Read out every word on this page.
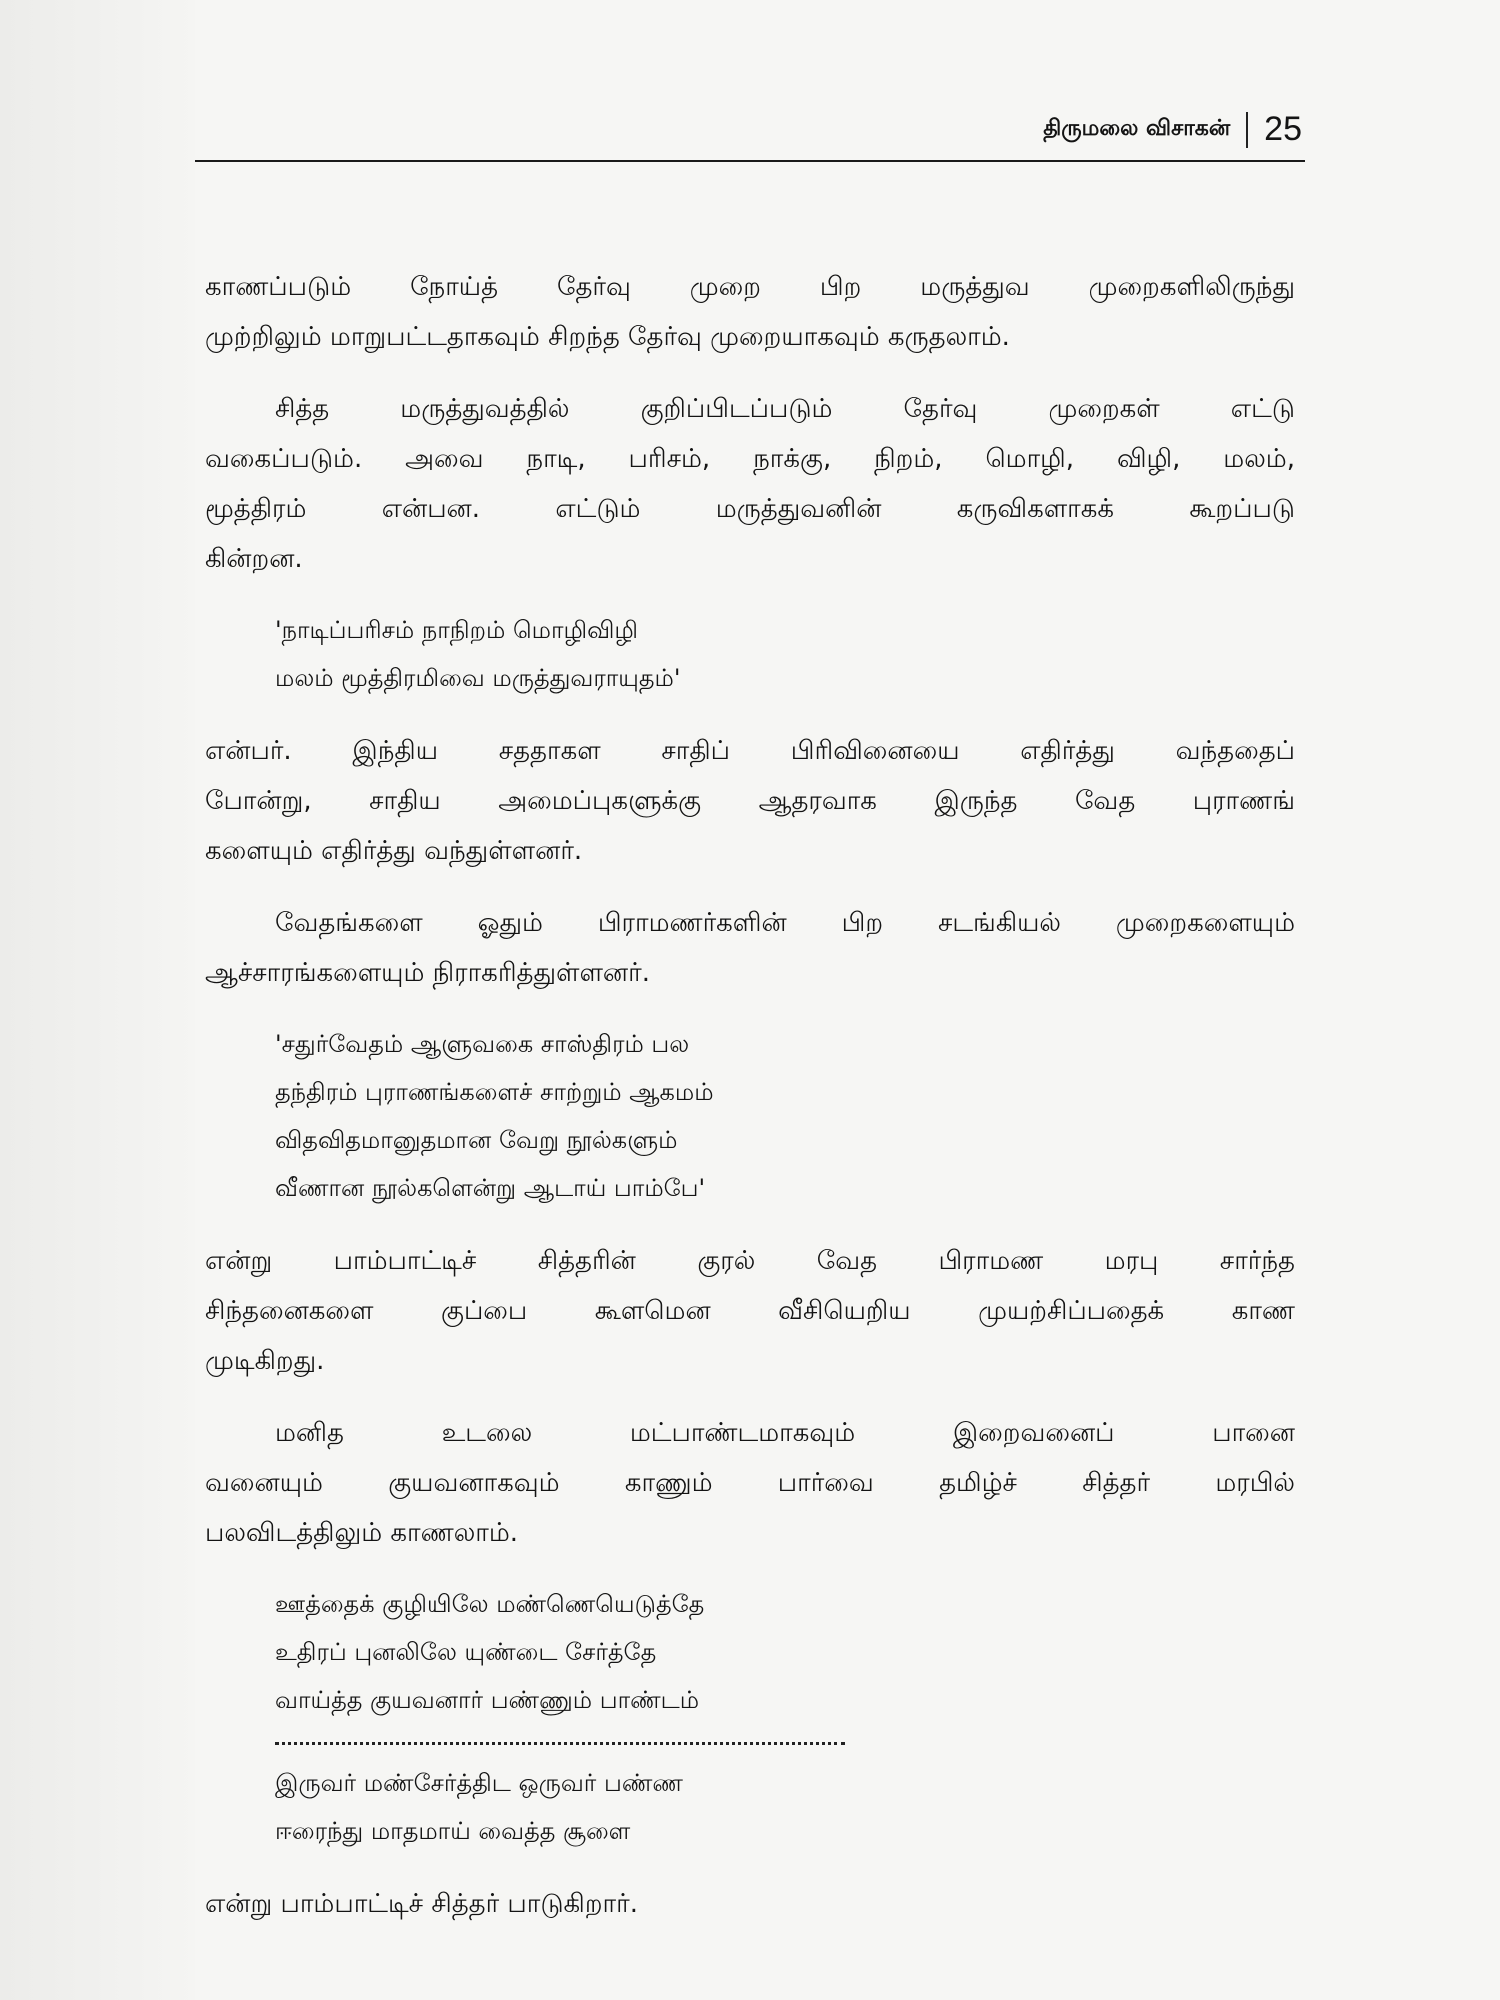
திருமலை விசாகன் 25
காணப்படும் நோய்த் தேர்வு முறை பிற மருத்துவ முறைகளிலிருந்து
முற்றிலும் மாறுபட்டதாகவும் சிறந்த தேர்வு முறையாகவும் கருதலாம்.
சித்த மருத்துவத்தில் குறிப்பிடப்படும் தேர்வு முறைகள் எட்டு
வகைப்படும். அவை நாடி, பரிசம், நாக்கு, நிறம், மொழி, விழி, மலம்,
மூத்திரம் என்பன. எட்டும் மருத்துவனின் கருவிகளாகக் கூறப்படு
கின்றன.
'நாடிப்பரிசம் நாநிறம் மொழிவிழி
மலம் மூத்திரமிவை மருத்துவராயுதம்'
என்பர். இந்திய சததாகள சாதிப் பிரிவினையை எதிர்த்து வந்ததைப்
போன்று, சாதிய அமைப்புகளுக்கு ஆதரவாக இருந்த வேத புராணங்
களையும் எதிர்த்து வந்துள்ளனர்.
வேதங்களை ஓதும் பிராமணர்களின் பிற சடங்கியல் முறைகளையும்
ஆச்சாரங்களையும் நிராகரித்துள்ளனர்.
'சதுர்வேதம் ஆளுவகை சாஸ்திரம் பல
தந்திரம் புராணங்களைச் சாற்றும் ஆகமம்
விதவிதமானுதமான வேறு நூல்களும்
வீணான நூல்களென்று ஆடாய் பாம்பே'
என்று பாம்பாட்டிச் சித்தரின் குரல் வேத பிராமண மரபு சார்ந்த
சிந்தனைகளை குப்பை கூளமென வீசியெறிய முயற்சிப்பதைக் காண
முடிகிறது.
மனித உடலை மட்பாண்டமாகவும் இறைவனைப் பானை
வனையும் குயவனாகவும் காணும் பார்வை தமிழ்ச் சித்தர் மரபில்
பலவிடத்திலும் காணலாம்.
ஊத்தைக் குழியிலே மண்ணெயெடுத்தே
உதிரப் புனலிலே யுண்டை சேர்த்தே
வாய்த்த குயவனார் பண்ணும் பாண்டம்
இருவர் மண்சேர்த்திட ஒருவர் பண்ண
ஈரைந்து மாதமாய் வைத்த சூளை
என்று பாம்பாட்டிச் சித்தர் பாடுகிறார்.
